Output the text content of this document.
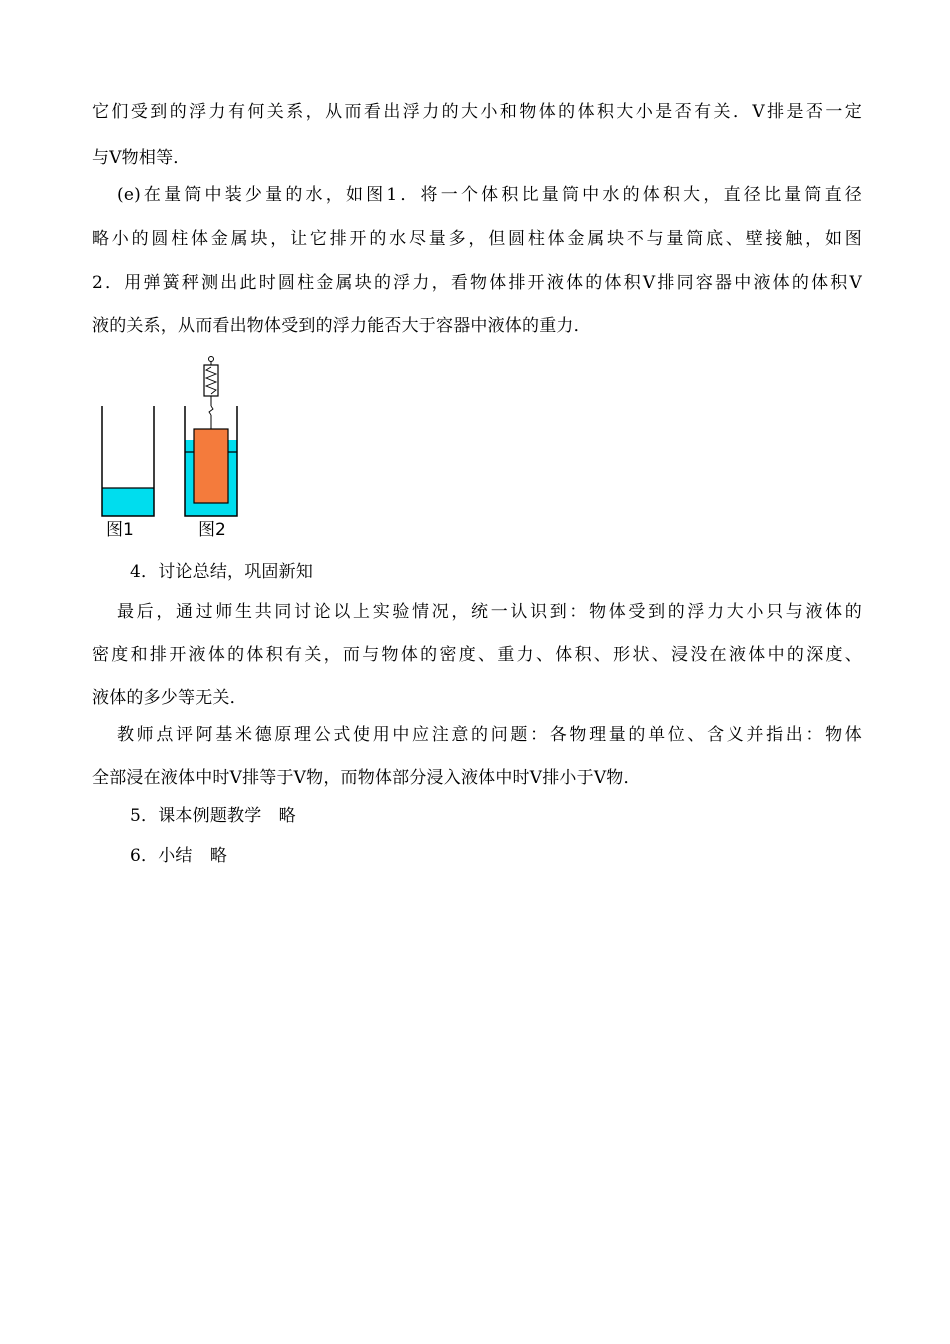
它们受到的浮力有何关系，从而看出浮力的大小和物体的体积大小是否有关．V排是否一定
与V物相等．
(e)在量筒中装少量的水，如图1．将一个体积比量筒中水的体积大，直径比量筒直径
略小的圆柱体金属块，让它排开的水尽量多，但圆柱体金属块不与量筒底、壁接触，如图
2．用弹簧秤测出此时圆柱金属块的浮力，看物体排开液体的体积V排同容器中液体的体积V
液的关系，从而看出物体受到的浮力能否大于容器中液体的重力．
图1	图2
4．讨论总结，巩固新知
最后，通过师生共同讨论以上实验情况，统一认识到：物体受到的浮力大小只与液体的
密度和排开液体的体积有关，而与物体的密度、重力、体积、形状、浸没在液体中的深度、
液体的多少等无关．
教师点评阿基米德原理公式使用中应注意的问题：各物理量的单位、含义并指出：物体
全部浸在液体中时V排等于V物，而物体部分浸入液体中时V排小于V物．
5．课本例题教学　略
6．小结　略
